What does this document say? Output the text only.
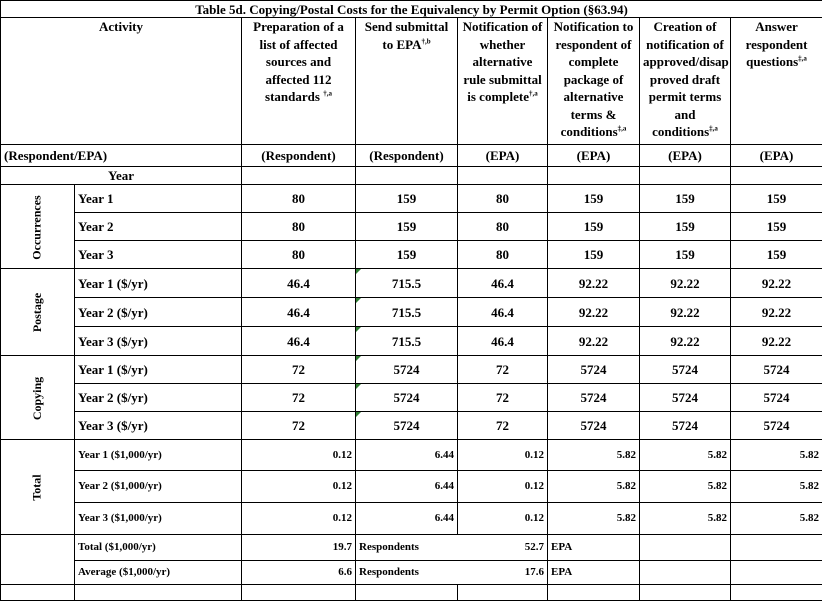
Table 5d. Copying/Postal Costs for the Equivalency by Permit Option (§63.94)							
Activity		Preparation of a list of affected sources and affected 112 standards $^{\dagger,a}$	Send submittal to $EPA^{\dagger,b}$	Notification of whether alternative rule submittal is complete$^{\dagger,a}$	Notification to respondent of complete package of alternative terms & conditions$^{\ddagger,a}$	Creation of notification of approved/disap proved draft permit terms and conditions$^{\ddagger,a}$	Answer respondent questions$^{\ddagger,a}$
(Respondent/EPA)		(Respondent)	(Respondent)	(EPA)	(EPA)	(EPA)	(EPA)
Year							
Occurrences	Year 1	80	159	80	159	159	159
	Year 2	80	159	80	159	159	159
	Year 3	80	159	80	159	159	159
Postage	Year 1 ($/yr)	46.4	715.5	46.4	92.22	92.22	92.22
	Year 2 ($/yr)	46.4	715.5	46.4	92.22	92.22	92.22
	Year 3 ($/yr)	46.4	715.5	46.4	92.22	92.22	92.22
Copying	Year 1 ($/yr)	72	5724	72	5724	5724	5724
	Year 2 ($/yr)	72	5724	72	5724	5724	5724
	Year 3 ($/yr)	72	5724	72	5724	5724	5724
Total	Year 1 ($1,000/yr)	0.12	6.44	0.12	5.82	5.82	5.82
	Year 2 ($1,000/yr)	0.12	6.44	0.12	5.82	5.82	5.82
	Year 3 ($1,000/yr)	0.12	6.44	0.12	5.82	5.82	5.82
	Total ($1,000/yr)	19.7	Respondents	52.7	EPA		
	Average ($1,000/yr)	6.6	Respondents	17.6	EPA		
